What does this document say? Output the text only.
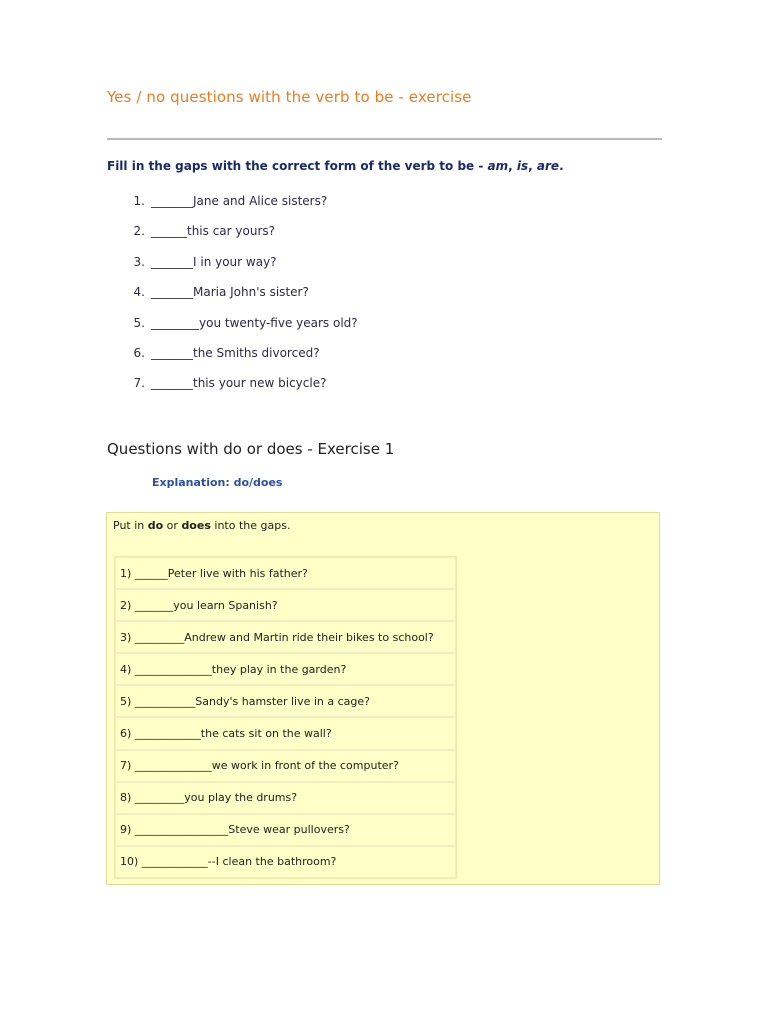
Yes / no questions with the verb to be - exercise
Fill in the gaps with the correct form of the verb to be - am, is, are.
1. _______Jane and Alice sisters?
2. ______this car yours?
3. _______I in your way?
4. _______Maria John's sister?
5. ________you twenty-five years old?
6. _______the Smiths divorced?
7. _______this your new bicycle?
Questions with do or does - Exercise 1
Explanation: do/does
Put in do or does into the gaps.
1) ______Peter live with his father?
2) _______you learn Spanish?
3) _________Andrew and Martin ride their bikes to school?
4) ______________they play in the garden?
5) ___________Sandy's hamster live in a cage?
6) ____________the cats sit on the wall?
7) ______________we work in front of the computer?
8) _________you play the drums?
9) _________________Steve wear pullovers?
10) ____________--I clean the bathroom?
